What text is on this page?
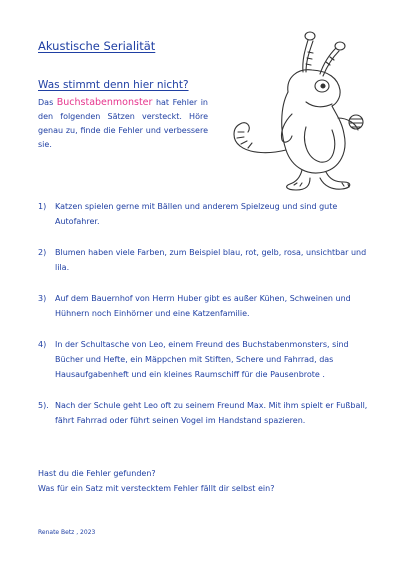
Akustische Serialität
Was stimmt denn hier nicht?
Das Buchstabenmonster hat Fehler in den folgenden Sätzen versteckt. Höre genau zu, finde die Fehler und verbessere sie.
1) Katzen spielen gerne mit Bällen und anderem Spielzeug und sind gute Autofahrer.
2) Blumen haben viele Farben, zum Beispiel blau, rot, gelb, rosa, unsichtbar und lila.
3) Auf dem Bauernhof von Herrn Huber gibt es außer Kühen, Schweinen und Hühnern noch Einhörner und eine Katzenfamilie.
4) In der Schultasche von Leo, einem Freund des Buchstabenmonsters, sind Bücher und Hefte, ein Mäppchen mit Stiften, Schere und Fahrrad, das Hausaufgabenheft und ein kleines Raumschiff für die Pausenbrote .
5). Nach der Schule geht Leo oft zu seinem Freund Max. Mit ihm spielt er Fußball, fährt Fahrrad oder führt seinen Vogel im Handstand spazieren.
Hast du die Fehler gefunden?
Was für ein Satz mit verstecktem Fehler fällt dir selbst ein?
Renate Betz , 2023
